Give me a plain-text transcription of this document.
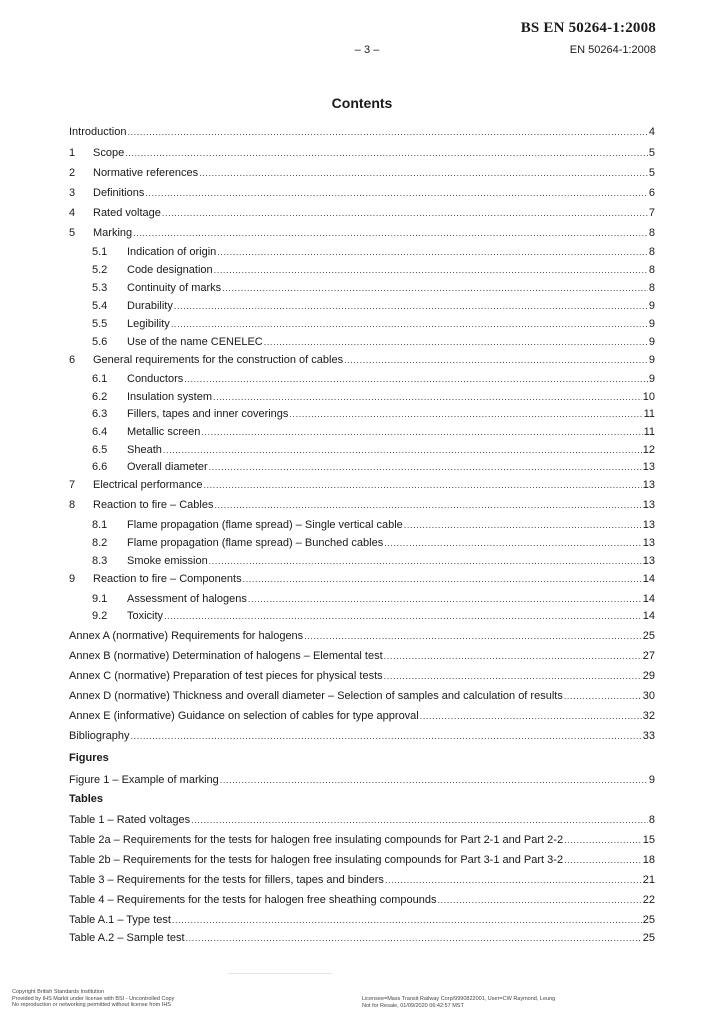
BS EN 50264-1:2008
– 3 –	EN 50264-1:2008
Contents
Introduction .....	4
1	Scope .....	5
2	Normative references .....	5
3	Definitions .....	6
4	Rated voltage .....	7
5	Marking .....	8
5.1	Indication of origin .....	8
5.2	Code designation .....	8
5.3	Continuity of marks .....	8
5.4	Durability .....	9
5.5	Legibility .....	9
5.6	Use of the name CENELEC .....	9
6	General requirements for the construction of cables .....	9
6.1	Conductors .....	9
6.2	Insulation system .....	10
6.3	Fillers, tapes and inner coverings .....	11
6.4	Metallic screen .....	11
6.5	Sheath .....	12
6.6	Overall diameter .....	13
7	Electrical performance .....	13
8	Reaction to fire – Cables .....	13
8.1	Flame propagation (flame spread) – Single vertical cable .....	13
8.2	Flame propagation (flame spread) – Bunched cables .....	13
8.3	Smoke emission .....	13
9	Reaction to fire – Components .....	14
9.1	Assessment of halogens .....	14
9.2	Toxicity .....	14
Annex A (normative) Requirements for halogens .....	25
Annex B (normative) Determination of halogens – Elemental test .....	27
Annex C (normative) Preparation of test pieces for physical tests .....	29
Annex D (normative) Thickness and overall diameter – Selection of samples and calculation of results .....	30
Annex E (informative) Guidance on selection of cables for type approval .....	32
Bibliography .....	33
Figure 1 – Example of marking .....	9
Table 1 – Rated voltages .....	8
Table 2a – Requirements for the tests for halogen free insulating compounds for Part 2-1 and Part 2-2 .....	15
Table 2b – Requirements for the tests for halogen free insulating compounds for Part 3-1 and Part 3-2 .....	18
Table 3 – Requirements for the tests for fillers, tapes and binders .....	21
Table 4 – Requirements for the tests for halogen free sheathing compounds .....	22
Table A.1 – Type test .....	25
Table A.2 – Sample test .....	25
Figures
Tables
Copyright British Standards Institution
Provided by IHS Markit under license with BSI - Uncontrolled Copy
No reproduction or networking permitted without license from IHS
Licensee=Mass Transit Railway Corp/9990822001, User=CW Raymond, Leung
Not for Resale, 01/09/2020 06:42:57 MST
